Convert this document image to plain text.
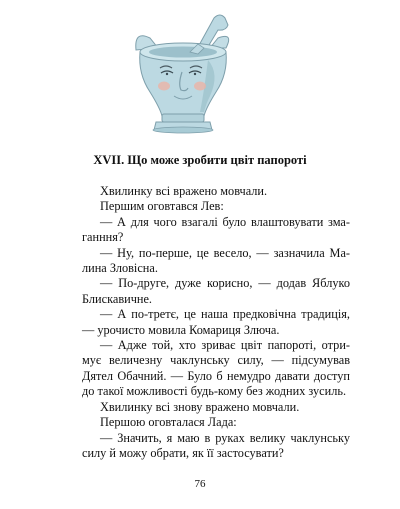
XVII. Що може зробити цвіт папороті

Хвилинку всі вражено мовчали.

Першим оговтався Лев:

— А для чого взагалі було влаштовувати зма-ганння?

— Ну, по-перше, це весело, — зазначила Ма-лина Зловісна.

— По-друге, дуже корисно, — додав Яблуко Блискавичне.

— А по-третє, це наша предковічна традиція, — урочисто мовила Комариця Злюча.

— Адже той, хто зриває цвіт папороті, отри-мує величезну чаклунську силу, — підсумував Дятел Обачний. — Було б немудро давати доступ до такої можливості будь-кому без жодних зусиль.

Хвилинку всі знову вражено мовчали.

Першою оговталася Лада:

— Значить, я маю в руках велику чаклунську силу й можу обрати, як її застосувати?

76
